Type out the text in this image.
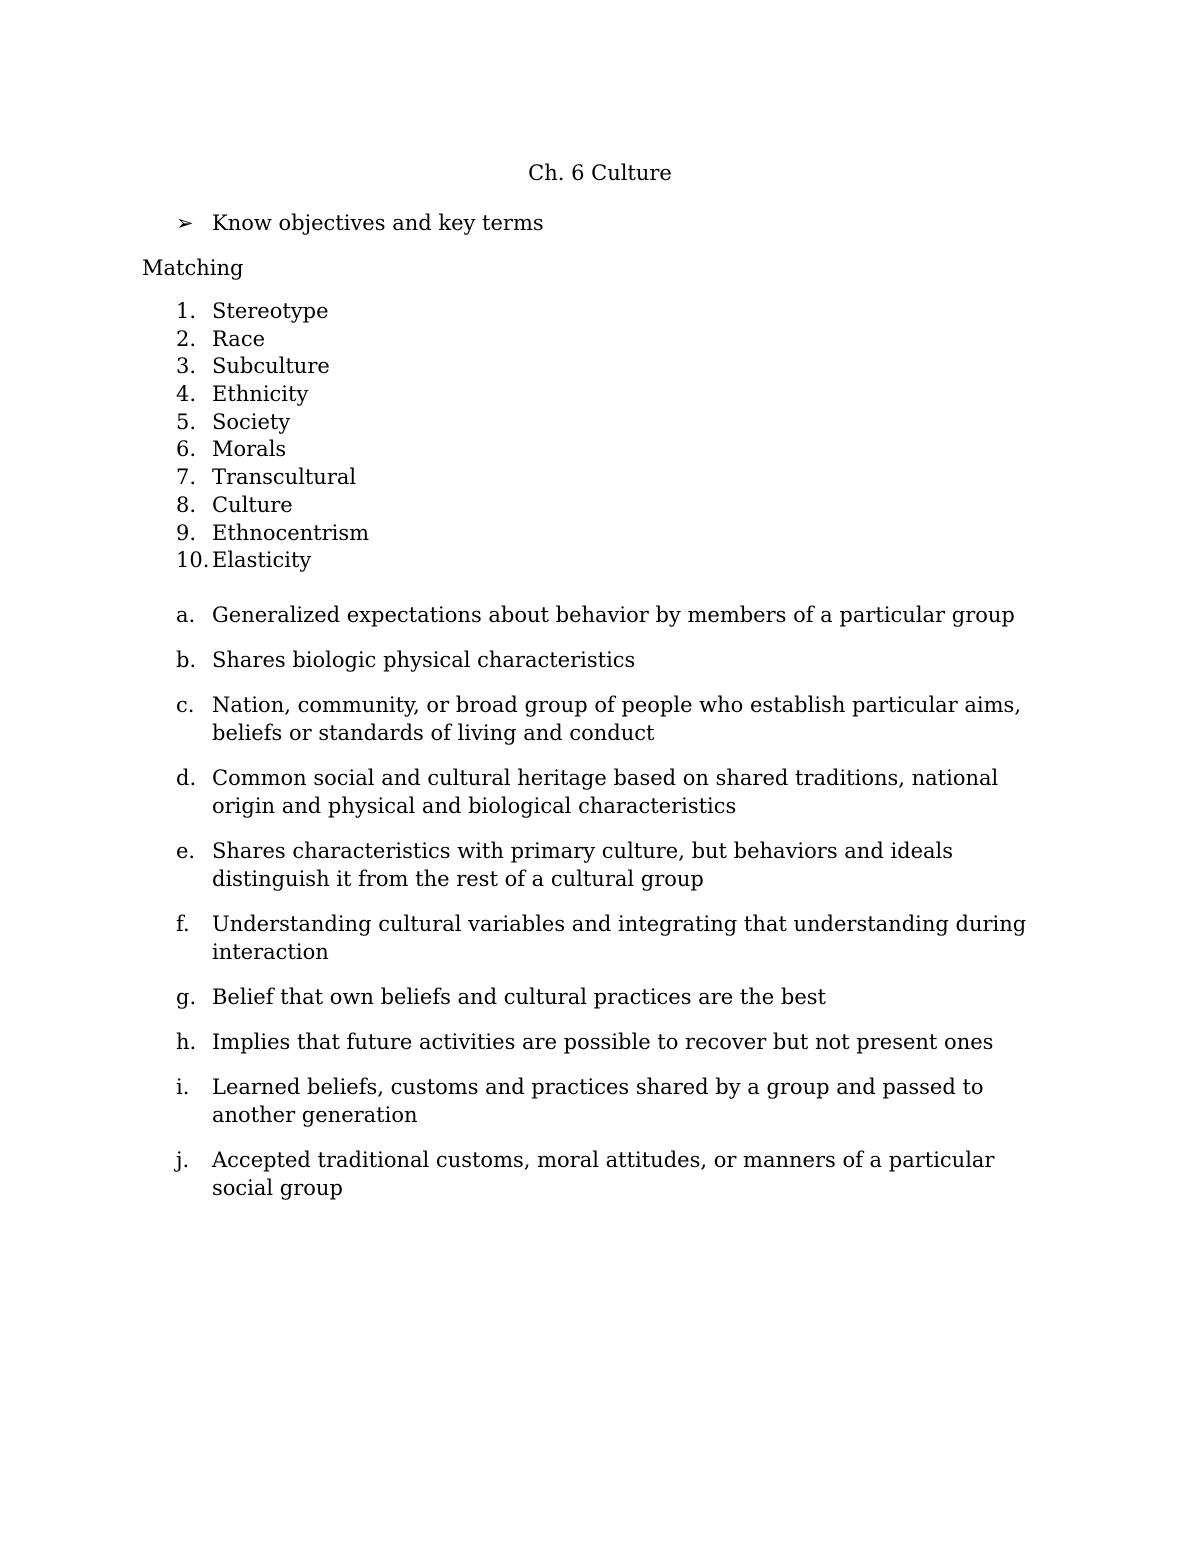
Ch. 6 Culture
➢ Know objectives and key terms
Matching
1. Stereotype
2. Race
3. Subculture
4. Ethnicity
5. Society
6. Morals
7. Transcultural
8. Culture
9. Ethnocentrism
10. Elasticity
a. Generalized expectations about behavior by members of a particular group
b. Shares biologic physical characteristics
c. Nation, community, or broad group of people who establish particular aims, beliefs or standards of living and conduct
d. Common social and cultural heritage based on shared traditions, national origin and physical and biological characteristics
e. Shares characteristics with primary culture, but behaviors and ideals distinguish it from the rest of a cultural group
f.	Understanding cultural variables and integrating that understanding during interaction
g. Belief that own beliefs and cultural practices are the best
h. Implies that future activities are possible to recover but not present ones
i.	Learned beliefs, customs and practices shared by a group and passed to another generation
j.	Accepted traditional customs, moral attitudes, or manners of a particular social group
